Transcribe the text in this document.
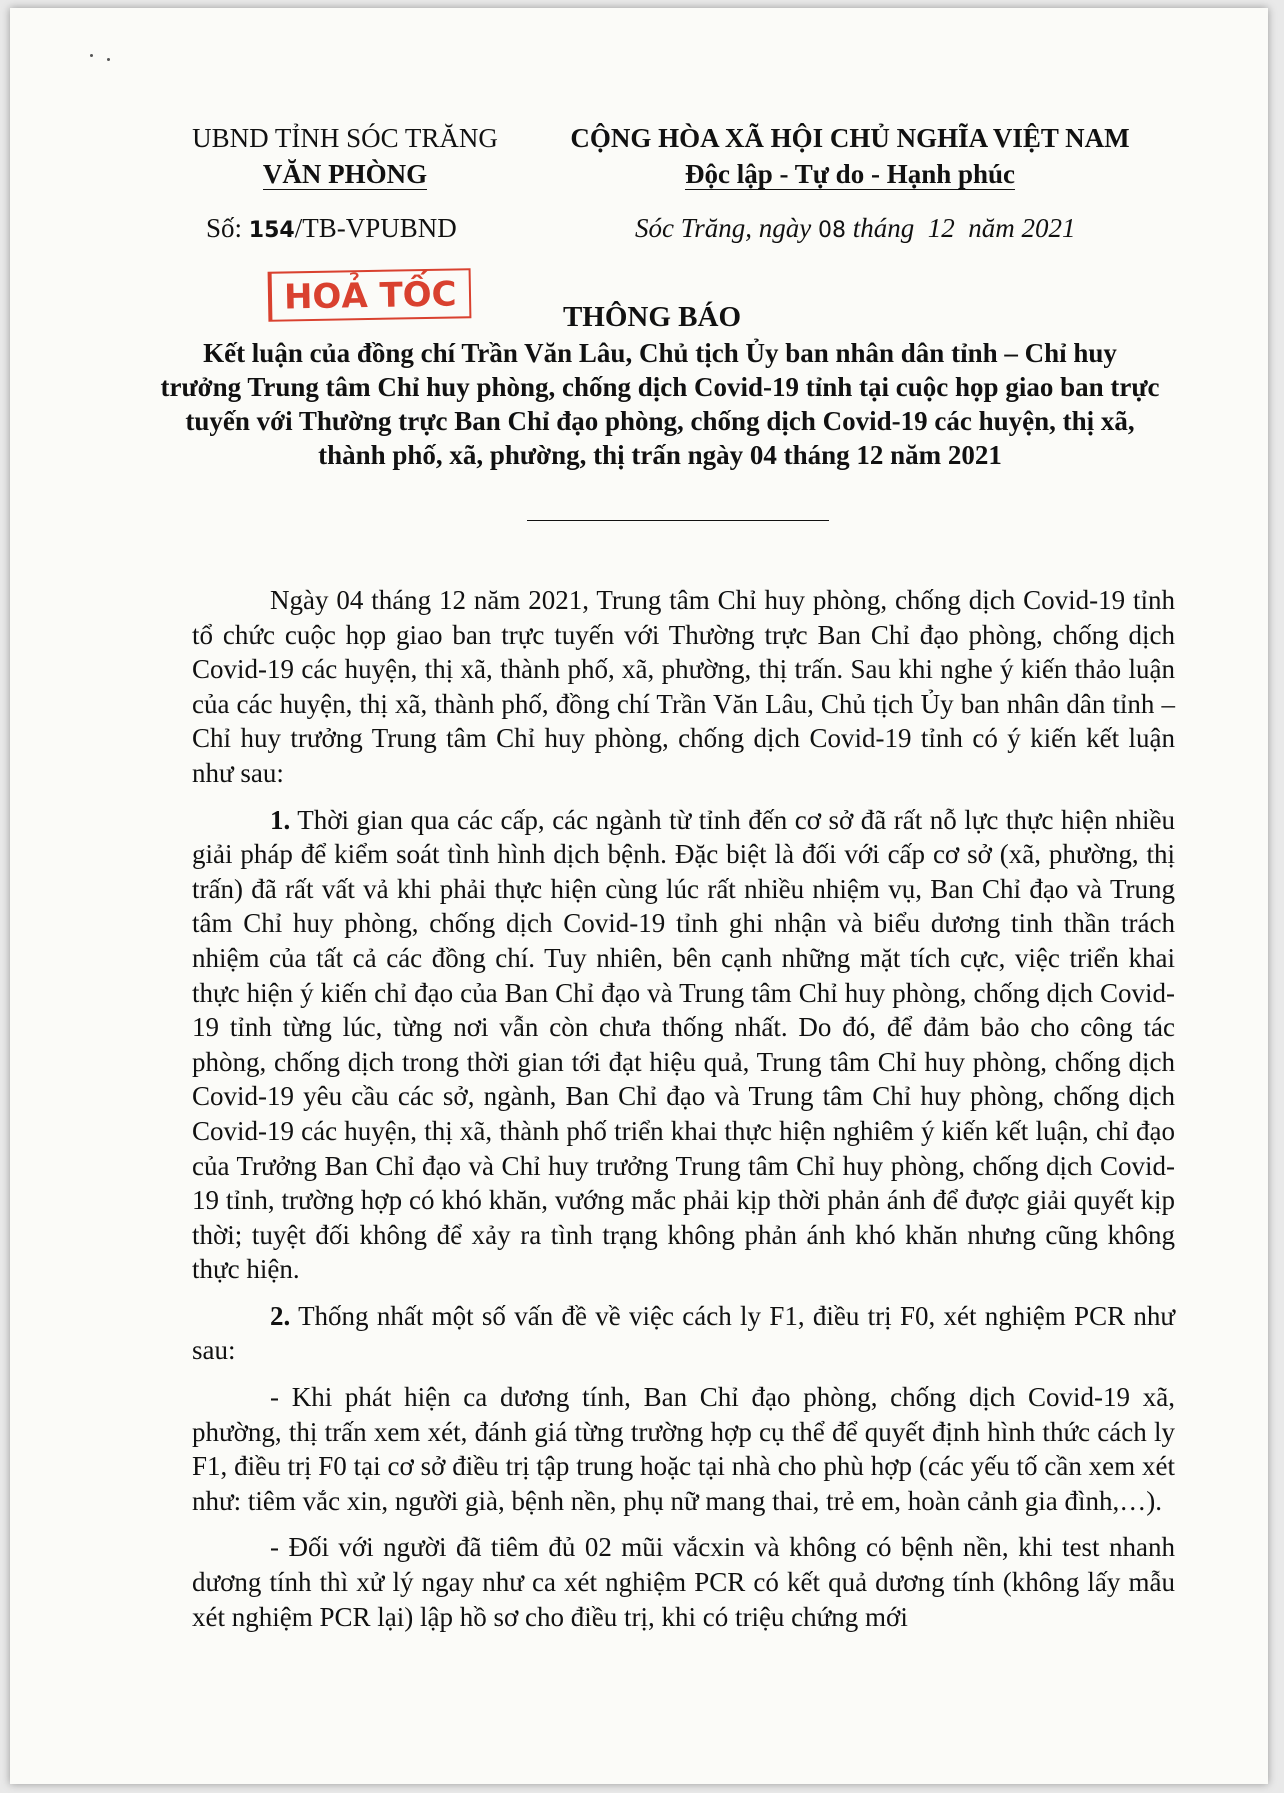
UBND TỈNH SÓC TRĂNG
VĂN PHÒNG
CỘNG HÒA XÃ HỘI CHỦ NGHĨA VIỆT NAM
Độc lập - Tự do - Hạnh phúc
Số: 154/TB-VPUBND	Sóc Trăng, ngày 08 tháng  12  năm 2021
HOẢ TỐC	THÔNG BÁO
Kết luận của đồng chí Trần Văn Lâu, Chủ tịch Ủy ban nhân dân tỉnh – Chỉ huy trưởng Trung tâm Chỉ huy phòng, chống dịch Covid-19 tỉnh tại cuộc họp giao ban trực tuyến với Thường trực Ban Chỉ đạo phòng, chống dịch Covid-19 các huyện, thị xã, thành phố, xã, phường, thị trấn ngày 04 tháng 12 năm 2021

Ngày 04 tháng 12 năm 2021, Trung tâm Chỉ huy phòng, chống dịch Covid-19 tỉnh tổ chức cuộc họp giao ban trực tuyến với Thường trực Ban Chỉ đạo phòng, chống dịch Covid-19 các huyện, thị xã, thành phố, xã, phường, thị trấn. Sau khi nghe ý kiến thảo luận của các huyện, thị xã, thành phố, đồng chí Trần Văn Lâu, Chủ tịch Ủy ban nhân dân tỉnh – Chỉ huy trưởng Trung tâm Chỉ huy phòng, chống dịch Covid-19 tỉnh có ý kiến kết luận như sau:

1. Thời gian qua các cấp, các ngành từ tỉnh đến cơ sở đã rất nỗ lực thực hiện nhiều giải pháp để kiểm soát tình hình dịch bệnh. Đặc biệt là đối với cấp cơ sở (xã, phường, thị trấn) đã rất vất vả khi phải thực hiện cùng lúc rất nhiều nhiệm vụ, Ban Chỉ đạo và Trung tâm Chỉ huy phòng, chống dịch Covid-19 tỉnh ghi nhận và biểu dương tinh thần trách nhiệm của tất cả các đồng chí. Tuy nhiên, bên cạnh những mặt tích cực, việc triển khai thực hiện ý kiến chỉ đạo của Ban Chỉ đạo và Trung tâm Chỉ huy phòng, chống dịch Covid-19 tỉnh từng lúc, từng nơi vẫn còn chưa thống nhất. Do đó, để đảm bảo cho công tác phòng, chống dịch trong thời gian tới đạt hiệu quả, Trung tâm Chỉ huy phòng, chống dịch Covid-19 yêu cầu các sở, ngành, Ban Chỉ đạo và Trung tâm Chỉ huy phòng, chống dịch Covid-19 các huyện, thị xã, thành phố triển khai thực hiện nghiêm ý kiến kết luận, chỉ đạo của Trưởng Ban Chỉ đạo và Chỉ huy trưởng Trung tâm Chỉ huy phòng, chống dịch Covid-19 tỉnh, trường hợp có khó khăn, vướng mắc phải kịp thời phản ánh để được giải quyết kịp thời; tuyệt đối không để xảy ra tình trạng không phản ánh khó khăn nhưng cũng không thực hiện.

2. Thống nhất một số vấn đề về việc cách ly F1, điều trị F0, xét nghiệm PCR như sau:

- Khi phát hiện ca dương tính, Ban Chỉ đạo phòng, chống dịch Covid-19 xã, phường, thị trấn xem xét, đánh giá từng trường hợp cụ thể để quyết định hình thức cách ly F1, điều trị F0 tại cơ sở điều trị tập trung hoặc tại nhà cho phù hợp (các yếu tố cần xem xét như: tiêm vắc xin, người già, bệnh nền, phụ nữ mang thai, trẻ em, hoàn cảnh gia đình,…).

- Đối với người đã tiêm đủ 02 mũi vắcxin và không có bệnh nền, khi test nhanh dương tính thì xử lý ngay như ca xét nghiệm PCR có kết quả dương tính (không lấy mẫu xét nghiệm PCR lại) lập hồ sơ cho điều trị, khi có triệu chứng mới
